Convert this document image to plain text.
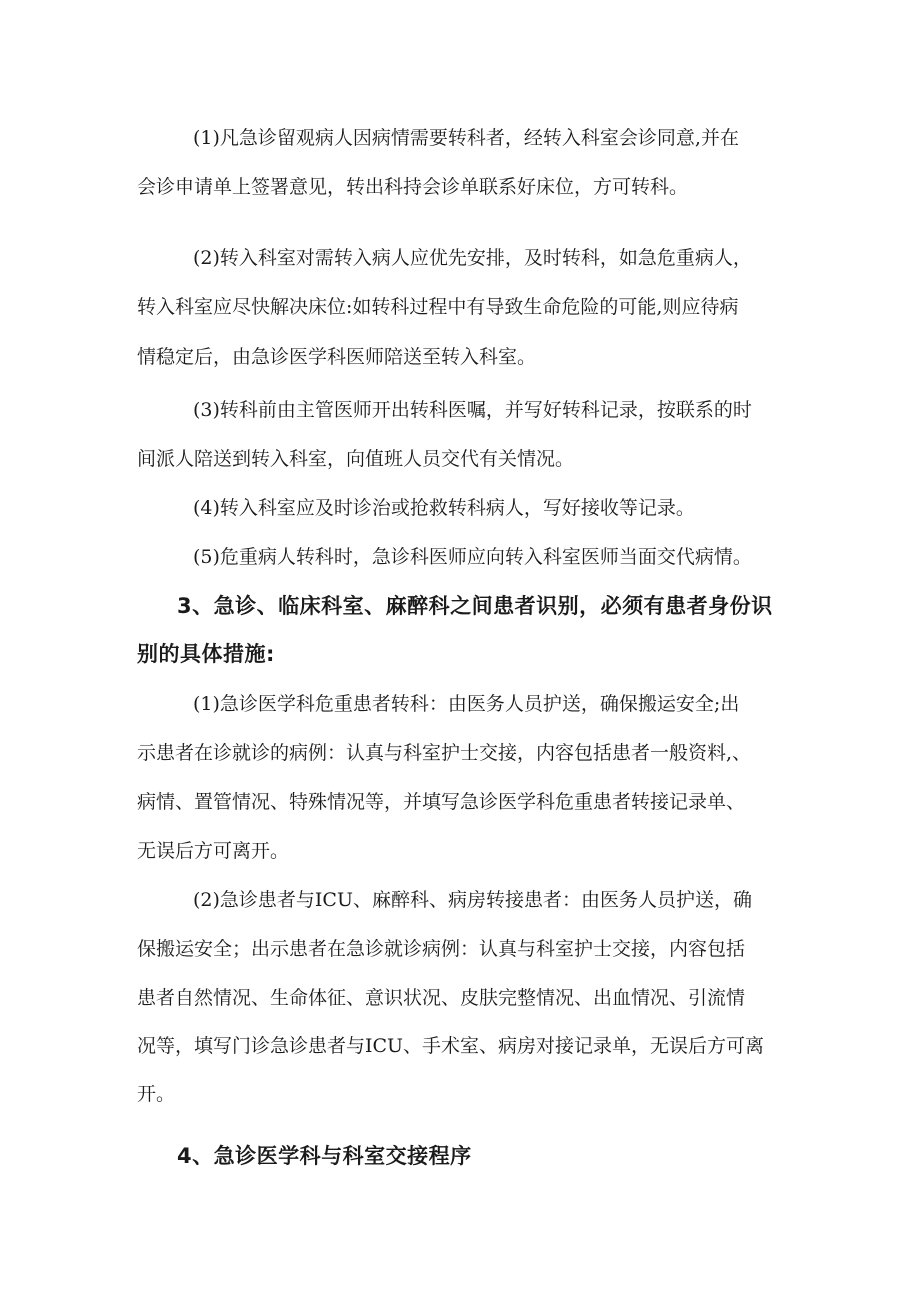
(1)凡急诊留观病人因病情需要转科者，经转入科室会诊同意,并在
会诊申请单上签署意见，转出科持会诊单联系好床位，方可转科。
(2)转入科室对需转入病人应优先安排，及时转科，如急危重病人，
转入科室应尽快解决床位:如转科过程中有导致生命危险的可能,则应待病
情稳定后，由急诊医学科医师陪送至转入科室。
(3)转科前由主管医师开出转科医嘱，并写好转科记录，按联系的时
间派人陪送到转入科室，向值班人员交代有关情况。
(4)转入科室应及时诊治或抢救转科病人，写好接收等记录。
(5)危重病人转科时，急诊科医师应向转入科室医师当面交代病情。
3、急诊、临床科室、麻醉科之间患者识别，必须有患者身份识
别的具体措施:
(1)急诊医学科危重患者转科：由医务人员护送，确保搬运安全;出
示患者在诊就诊的病例：认真与科室护士交接，内容包括患者一般资料,、
病情、置管情况、特殊情况等，并填写急诊医学科危重患者转接记录单、
无误后方可离开。
(2)急诊患者与ICU、麻醉科、病房转接患者：由医务人员护送，确
保搬运安全；出示患者在急诊就诊病例：认真与科室护士交接，内容包括
患者自然情况、生命体征、意识状况、皮肤完整情况、出血情况、引流情
况等，填写门诊急诊患者与ICU、手术室、病房对接记录单，无误后方可离
开。
4、急诊医学科与科室交接程序
